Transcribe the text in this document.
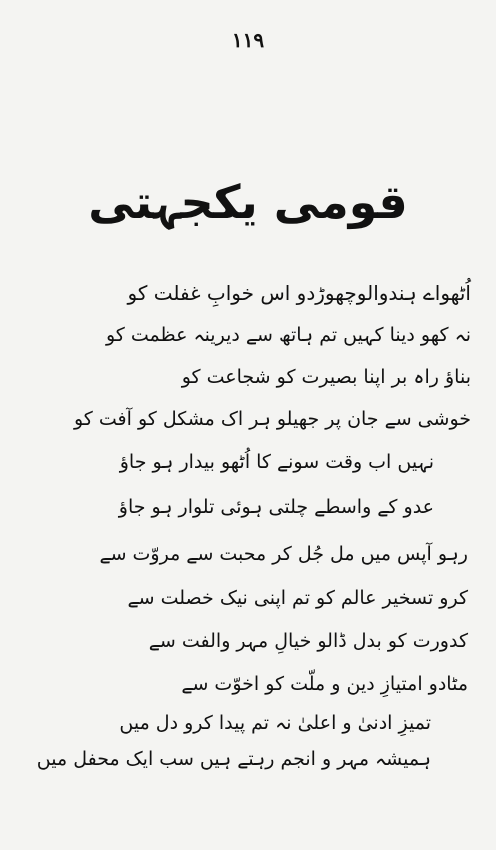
١١٩
قومی یکجہتی
اُٹھواے ہندوالوچھوڑدو اس خوابِ غفلت کو
نہ کھو دینا کہیں تم ہاتھ سے دیرینہ عظمت کو
بناؤ راہ بر اپنا بصیرت کو شجاعت کو
خوشی سے جان پر جھیلو ہر اک مشکل کو آفت کو
نہیں اب وقت سونے کا اُٹھو بیدار ہو جاؤ
عدو کے واسطے چلتی ہوئی تلوار ہو جاؤ
رہو آپس میں مل جُل کر محبت سے مروّت سے
کرو تسخیر عالم کو تم اپنی نیک خصلت سے
کدورت کو بدل ڈالو خیالِ مہر والفت سے
مٹادو امتیازِ دین و ملّت کو اخوّت سے
تمیزِ ادنیٰ و اعلیٰ نہ تم پیدا کرو دل میں
ہمیشہ مہر و انجم رہتے ہیں سب ایک محفل میں
